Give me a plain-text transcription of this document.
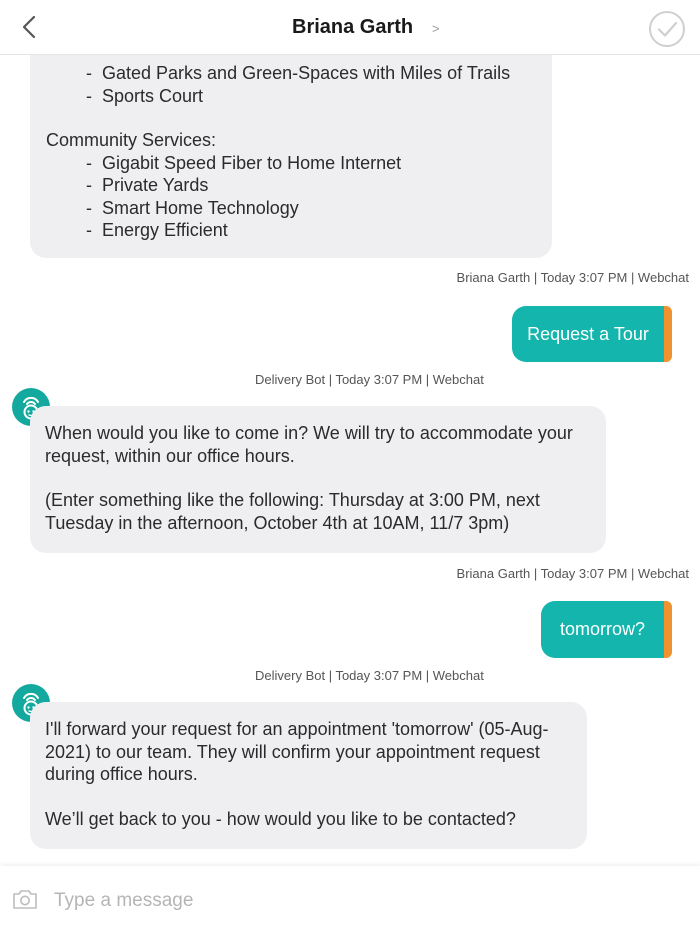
Briana Garth >
- Gated Parks and Green-Spaces with Miles of Trails
- Sports Court
Community Services:
- Gigabit Speed Fiber to Home Internet
- Private Yards
- Smart Home Technology
- Energy Efficient
Briana Garth | Today 3:07 PM | Webchat
Request a Tour
Delivery Bot | Today 3:07 PM | Webchat

When would you like to come in? We will try to accommodate your request, within our office hours.

(Enter something like the following: Thursday at 3:00 PM, next Tuesday in the afternoon, October 4th at 10AM, 11/7 3pm)

Briana Garth | Today 3:07 PM | Webchat
tomorrow?
Delivery Bot | Today 3:07 PM | Webchat

I'll forward your request for an appointment 'tomorrow' (05-Aug-2021) to our team. They will confirm your appointment request during office hours.

We’ll get back to you - how would you like to be contacted?

Type a message
